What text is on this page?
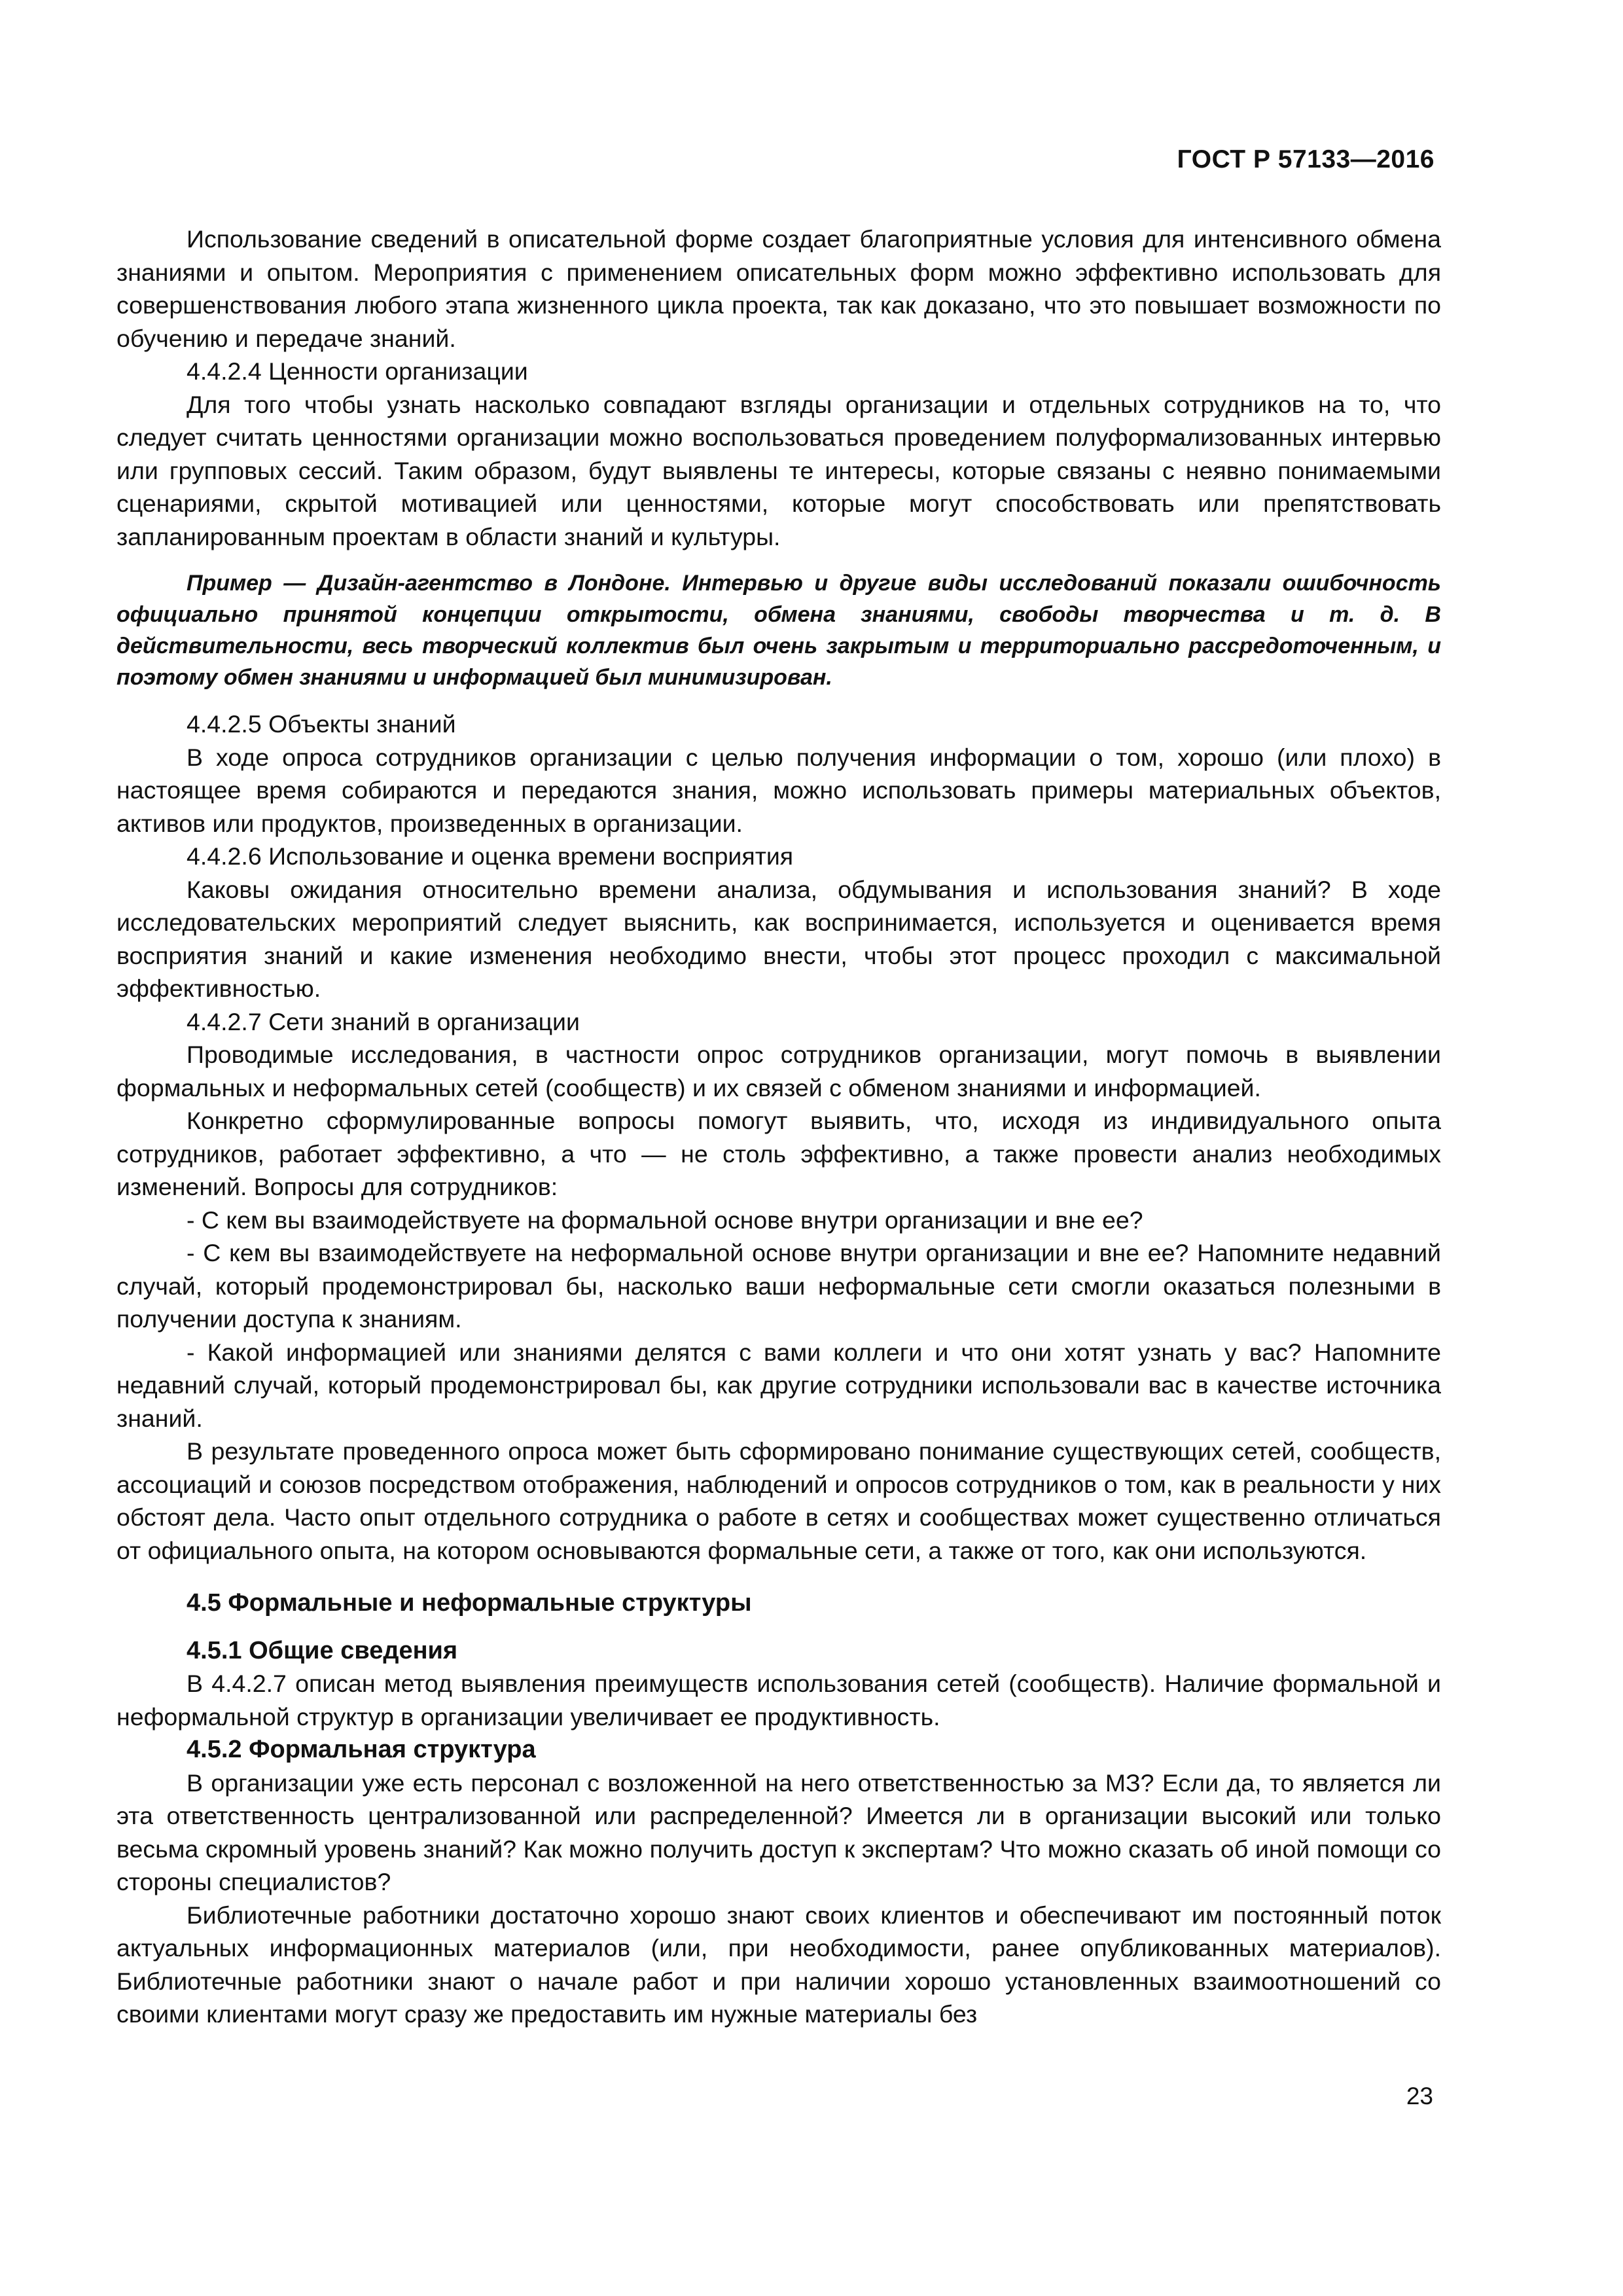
ГОСТ Р 57133—2016

Использование сведений в описательной форме создает благоприятные условия для интенсивного обмена знаниями и опытом. Мероприятия с применением описательных форм можно эффективно использовать для совершенствования любого этапа жизненного цикла проекта, так как доказано, что это повышает возможности по обучению и передаче знаний.

4.4.2.4 Ценности организации

Для того чтобы узнать насколько совпадают взгляды организации и отдельных сотрудников на то, что следует считать ценностями организации можно воспользоваться проведением полуформализованных интервью или групповых сессий. Таким образом, будут выявлены те интересы, которые связаны с неявно понимаемыми сценариями, скрытой мотивацией или ценностями, которые могут способствовать или препятствовать запланированным проектам в области знаний и культуры.

Пример — Дизайн-агентство в Лондоне. Интервью и другие виды исследований показали ошибочность официально принятой концепции открытости, обмена знаниями, свободы творчества и т. д. В действительности, весь творческий коллектив был очень закрытым и территориально рассредоточенным, и поэтому обмен знаниями и информацией был минимизирован.

4.4.2.5 Объекты знаний

В ходе опроса сотрудников организации с целью получения информации о том, хорошо (или плохо) в настоящее время собираются и передаются знания, можно использовать примеры материальных объектов, активов или продуктов, произведенных в организации.

4.4.2.6 Использование и оценка времени восприятия

Каковы ожидания относительно времени анализа, обдумывания и использования знаний? В ходе исследовательских мероприятий следует выяснить, как воспринимается, используется и оценивается время восприятия знаний и какие изменения необходимо внести, чтобы этот процесс проходил с максимальной эффективностью.

4.4.2.7 Сети знаний в организации

Проводимые исследования, в частности опрос сотрудников организации, могут помочь в выявлении формальных и неформальных сетей (сообществ) и их связей с обменом знаниями и информацией.

Конкретно сформулированные вопросы помогут выявить, что, исходя из индивидуального опыта сотрудников, работает эффективно, а что — не столь эффективно, а также провести анализ необходимых изменений. Вопросы для сотрудников:

- С кем вы взаимодействуете на формальной основе внутри организации и вне ее?

- С кем вы взаимодействуете на неформальной основе внутри организации и вне ее? Напомните недавний случай, который продемонстрировал бы, насколько ваши неформальные сети смогли оказаться полезными в получении доступа к знаниям.

- Какой информацией или знаниями делятся с вами коллеги и что они хотят узнать у вас? Напомните недавний случай, который продемонстрировал бы, как другие сотрудники использовали вас в качестве источника знаний.

В результате проведенного опроса может быть сформировано понимание существующих сетей, сообществ, ассоциаций и союзов посредством отображения, наблюдений и опросов сотрудников о том, как в реальности у них обстоят дела. Часто опыт отдельного сотрудника о работе в сетях и сообществах может существенно отличаться от официального опыта, на котором основываются формальные сети, а также от того, как они используются.

4.5 Формальные и неформальные структуры
4.5.1 Общие сведения

В 4.4.2.7 описан метод выявления преимуществ использования сетей (сообществ). Наличие формальной и неформальной структур в организации увеличивает ее продуктивность.

4.5.2 Формальная структура

В организации уже есть персонал с возложенной на него ответственностью за МЗ? Если да, то является ли эта ответственность централизованной или распределенной? Имеется ли в организации высокий или только весьма скромный уровень знаний? Как можно получить доступ к экспертам? Что можно сказать об иной помощи со стороны специалистов?

Библиотечные работники достаточно хорошо знают своих клиентов и обеспечивают им постоянный поток актуальных информационных материалов (или, при необходимости, ранее опубликованных материалов). Библиотечные работники знают о начале работ и при наличии хорошо установленных взаимоотношений со своими клиентами могут сразу же предоставить им нужные материалы без

23
